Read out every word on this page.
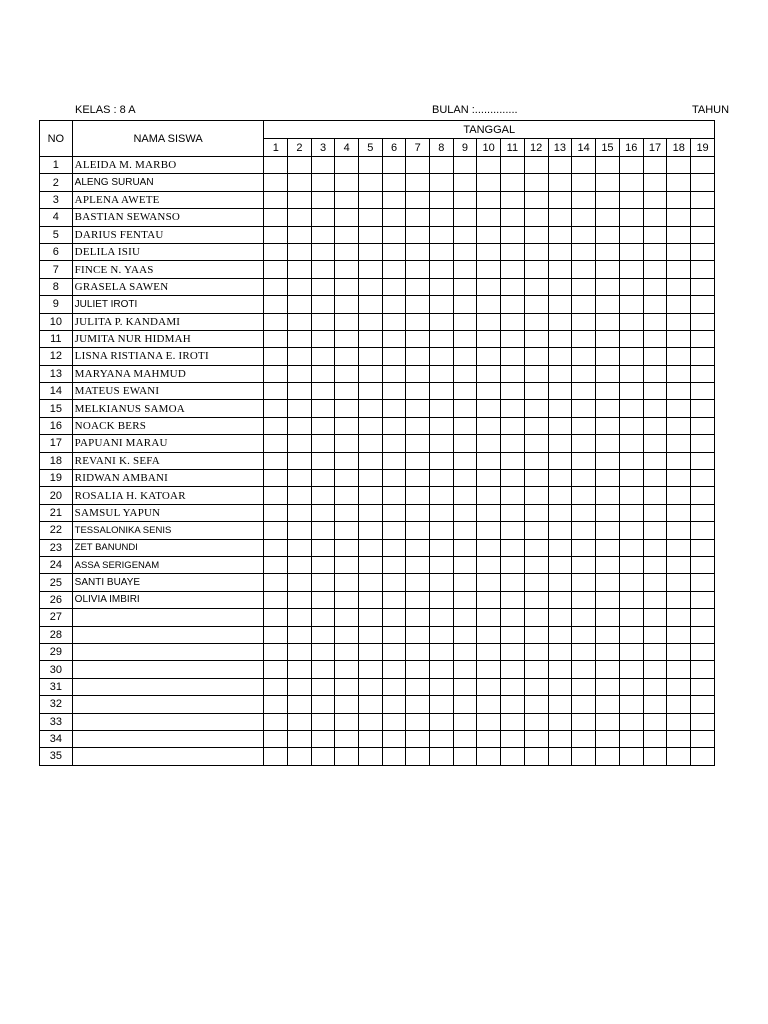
KELAS : 8 A	BULAN :..............	TAHUN
NO	NAMA SISWA	TANGGAL																		
		1	2	3	4	5	6	7	8	9	10	11	12	13	14	15	16	17	18	19
1	ALEIDA M. MARBO																			
2	ALENG SURUAN																			
3	APLENA AWETE																			
4	BASTIAN SEWANSO																			
5	DARIUS FENTAU																			
6	DELILA ISIU																			
7	FINCE N. YAAS																			
8	GRASELA SAWEN																			
9	JULIET IROTI																			
10	JULITA P. KANDAMI																			
11	JUMITA NUR HIDMAH																			
12	LISNA RISTIANA E. IROTI																			
13	MARYANA MAHMUD																			
14	MATEUS EWANI																			
15	MELKIANUS SAMOA																			
16	NOACK BERS																			
17	PAPUANI MARAU																			
18	REVANI K. SEFA																			
19	RIDWAN AMBANI																			
20	ROSALIA H. KATOAR																			
21	SAMSUL YAPUN																			
22	TESSALONIKA SENIS																			
23	ZET BANUNDI																			
24	ASSA SERIGENAM																			
25	SANTI BUAYE																			
26	OLIVIA IMBIRI																			
27																				
28																				
29																				
30																				
31																				
32																				
33																				
34																				
35																				
